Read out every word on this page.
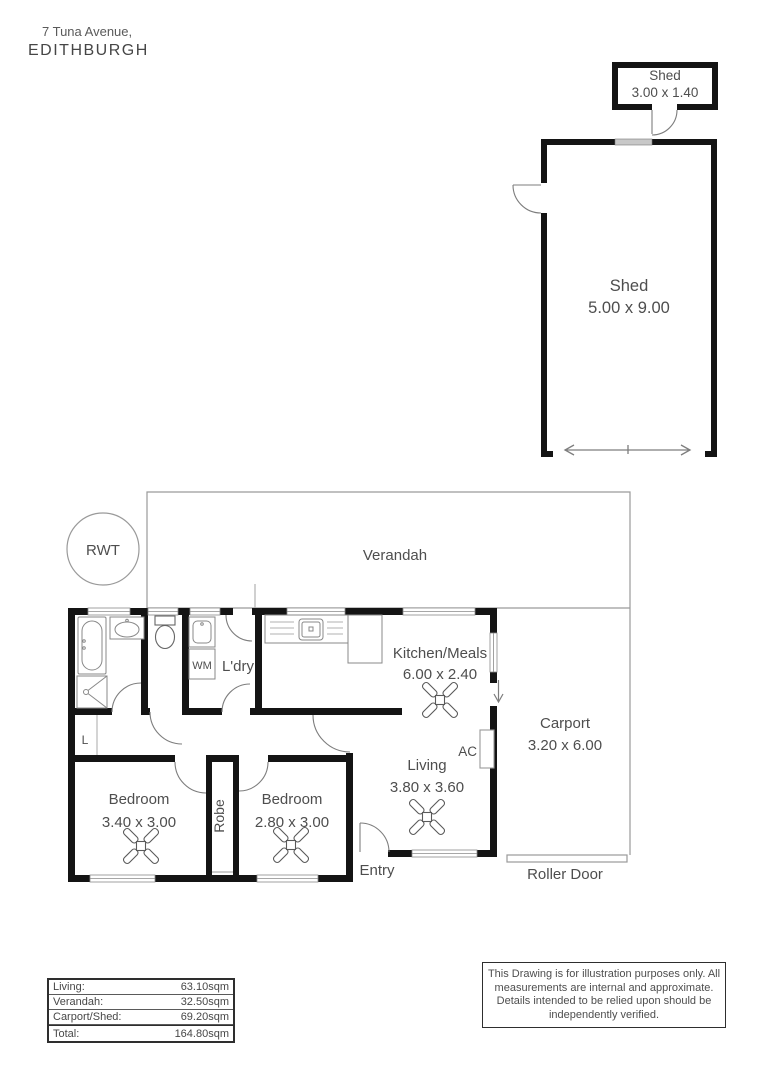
7 Tuna Avenue,
EDITHBURGH
Shed
3.00 x 1.40
Shed
5.00 x 9.00
Verandah
RWT
Kitchen/Meals
6.00 x 2.40
Living
3.80 x 3.60
Bedroom
3.40 x 3.00
Bedroom
2.80 x 3.00
Carport
3.20 x 6.00
Roller Door
Entry
L'dry
WM
L
AC
Robe
Living:	63.10sqm
Verandah:	32.50sqm
Carport/Shed:	69.20sqm
Total:	164.80sqm
This Drawing is for illustration purposes only. All measurements are internal and approximate. Details intended to be relied upon should be independently verified.
